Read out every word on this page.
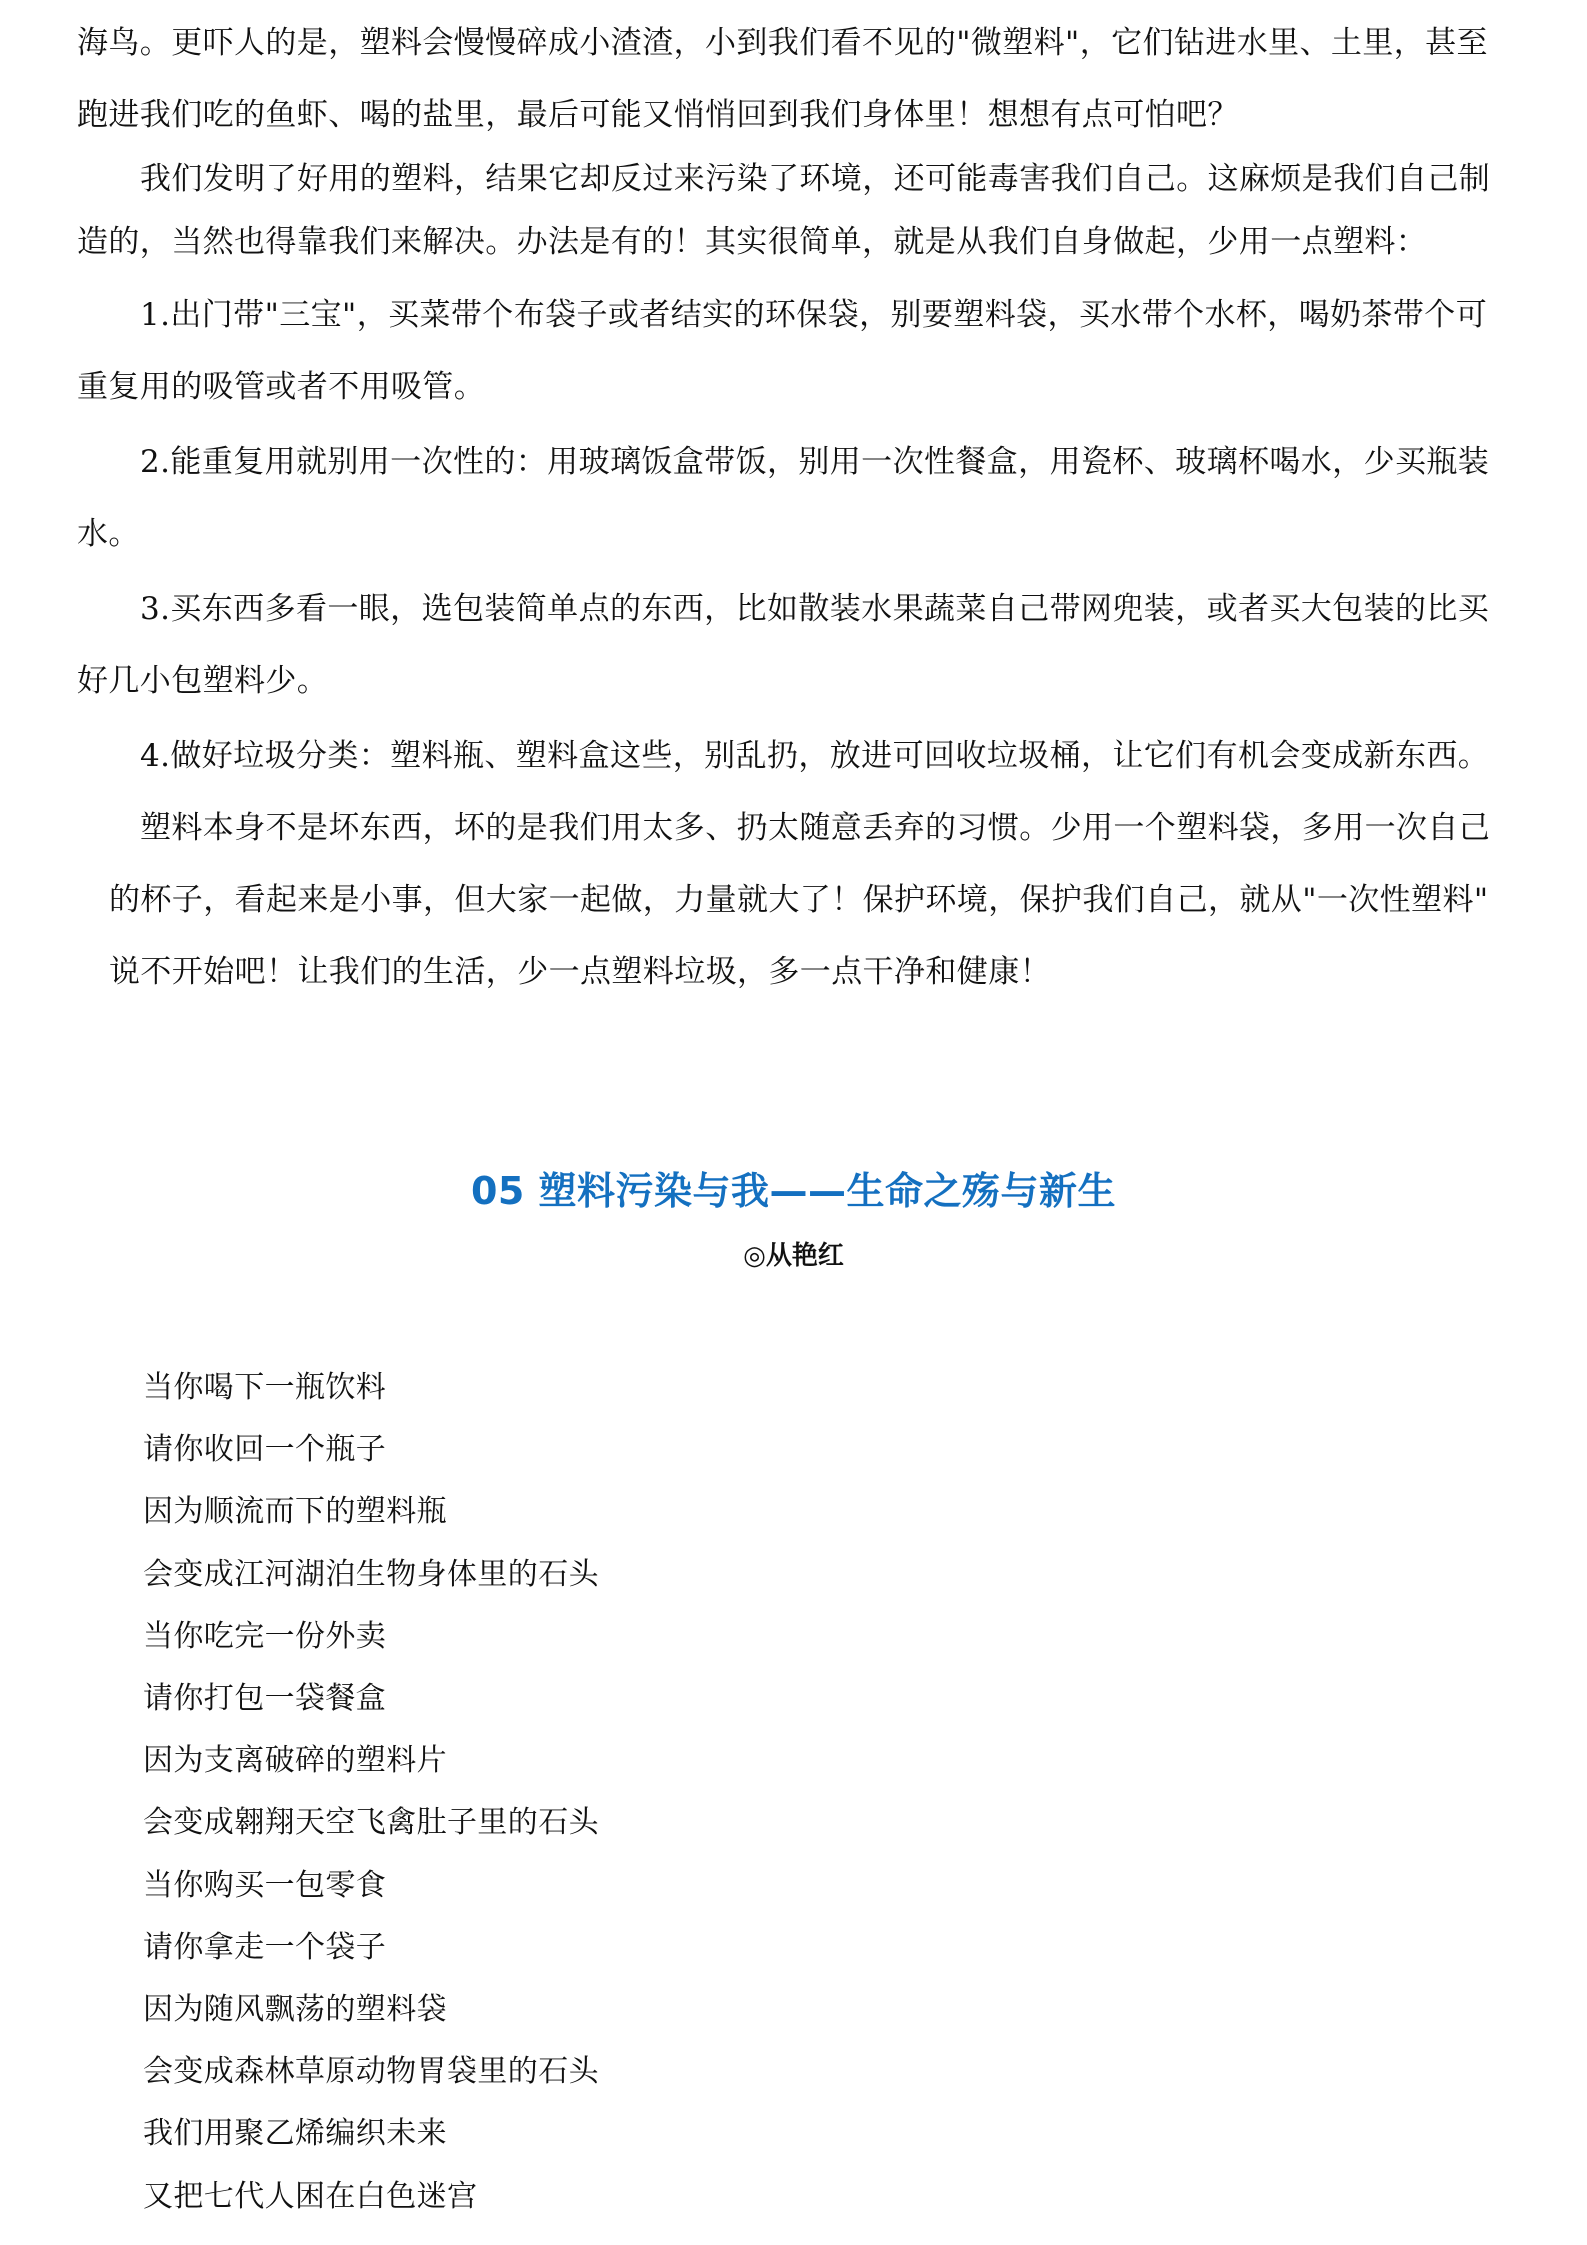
海鸟。更吓人的是，塑料会慢慢碎成小渣渣，小到我们看不见的"微塑料"，它们钻进水里、土里，甚至
跑进我们吃的鱼虾、喝的盐里，最后可能又悄悄回到我们身体里！想想有点可怕吧？
我们发明了好用的塑料，结果它却反过来污染了环境，还可能毒害我们自己。这麻烦是我们自己制
造的，当然也得靠我们来解决。办法是有的！其实很简单，就是从我们自身做起，少用一点塑料：
1.出门带"三宝"，买菜带个布袋子或者结实的环保袋，别要塑料袋，买水带个水杯，喝奶茶带个可
重复用的吸管或者不用吸管。
2.能重复用就别用一次性的：用玻璃饭盒带饭，别用一次性餐盒，用瓷杯、玻璃杯喝水，少买瓶装
水。
3.买东西多看一眼，选包装简单点的东西，比如散装水果蔬菜自己带网兜装，或者买大包装的比买
好几小包塑料少。
4.做好垃圾分类：塑料瓶、塑料盒这些，别乱扔，放进可回收垃圾桶，让它们有机会变成新东西。
塑料本身不是坏东西，坏的是我们用太多、扔太随意丢弃的习惯。少用一个塑料袋，多用一次自己
的杯子，看起来是小事，但大家一起做，力量就大了！保护环境，保护我们自己，就从"一次性塑料"
说不开始吧！让我们的生活，少一点塑料垃圾，多一点干净和健康！
05 塑料污染与我——生命之殇与新生
◎从艳红
当你喝下一瓶饮料
请你收回一个瓶子
因为顺流而下的塑料瓶
会变成江河湖泊生物身体里的石头
当你吃完一份外卖
请你打包一袋餐盒
因为支离破碎的塑料片
会变成翱翔天空飞禽肚子里的石头
当你购买一包零食
请你拿走一个袋子
因为随风飘荡的塑料袋
会变成森林草原动物胃袋里的石头
我们用聚乙烯编织未来
又把七代人困在白色迷宫
